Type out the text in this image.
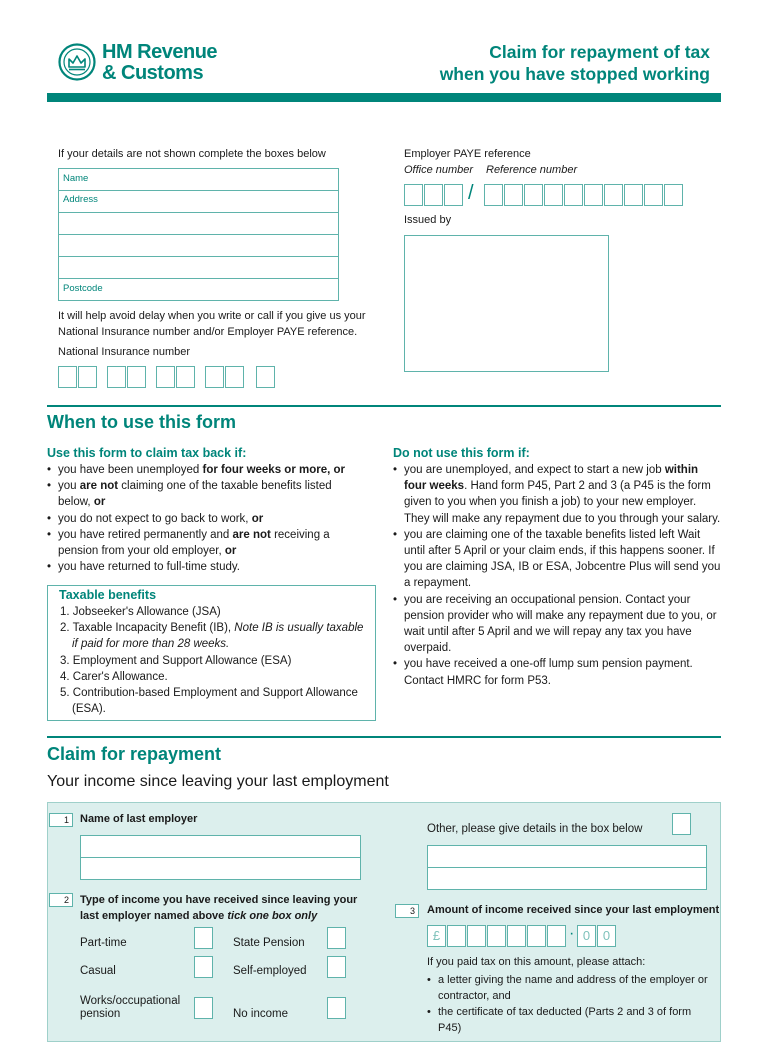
HM Revenue
& Customs
Claim for repayment of tax
when you have stopped working
If your details are not shown complete the boxes below
Name
Address
Postcode
It will help avoid delay when you write or call if you give us your National Insurance number and/or Employer PAYE reference.
National Insurance number
Employer PAYE reference
Office number Reference number
/
Issued by
When to use this form
Use this form to claim tax back if:
• you have been unemployed for four weeks or more, or
• you are not claiming one of the taxable benefits listed below, or
• you do not expect to go back to work, or
• you have retired permanently and are not receiving a pension from your old employer, or
• you have returned to full-time study.
Taxable benefits
1. Jobseeker's Allowance (JSA)
2. Taxable Incapacity Benefit (IB), Note IB is usually taxable if paid for more than 28 weeks.
3. Employment and Support Allowance (ESA)
4. Carer's Allowance.
5. Contribution-based Employment and Support Allowance (ESA).
Do not use this form if:
• you are unemployed, and expect to start a new job within four weeks. Hand form P45, Part 2 and 3 (a P45 is the form given to you when you finish a job) to your new employer. They will make any repayment due to you through your salary.
• you are claiming one of the taxable benefits listed left Wait until after 5 April or your claim ends, if this happens sooner. If you are claiming JSA, IB or ESA, Jobcentre Plus will send you a repayment.
• you are receiving an occupational pension. Contact your pension provider who will make any repayment due to you, or wait until after 5 April and we will repay any tax you have overpaid.
• you have received a one-off lump sum pension payment. Contact HMRC for form P53.
Claim for repayment
Your income since leaving your last employment
1	Name of last employer
2	Type of income you have received since leaving your last employer named above tick one box only
Part-time	State Pension
Casual	Self-employed
Works/occupational pension	No income
Other, please give details in the box below
3	Amount of income received since your last employment
£	· 0 0
If you paid tax on this amount, please attach:
• a letter giving the name and address of the employer or contractor, and
• the certificate of tax deducted (Parts 2 and 3 of form P45)
